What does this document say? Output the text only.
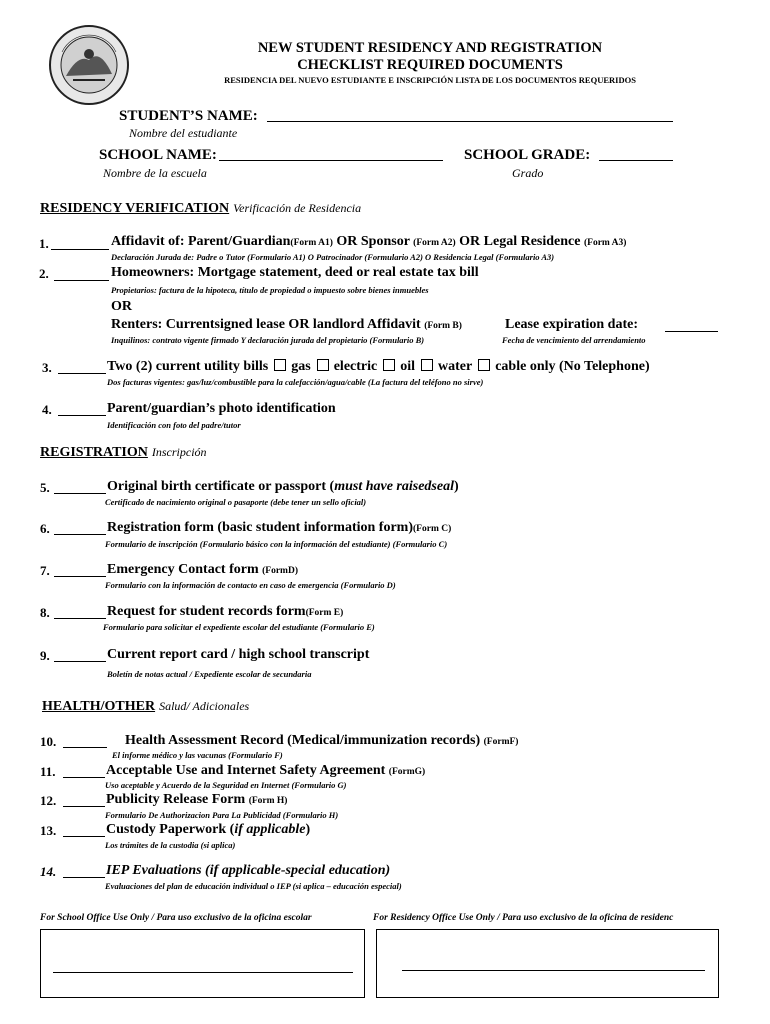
NEW STUDENT RESIDENCY AND REGISTRATION
CHECKLIST REQUIRED DOCUMENTS
RESIDENCIA DEL NUEVO ESTUDIANTE E INSCRIPCIÓN LISTA DE LOS DOCUMENTOS REQUERIDOS
STUDENT’S NAME:
Nombre del estudiante
SCHOOL NAME:
Nombre de la escuela
SCHOOL GRADE:
Grado
RESIDENCY VERIFICATION Verificación de Residencia
1.	Affidavit of: Parent/Guardian(Form A1) OR Sponsor (Form A2) OR Legal Residence (Form A3)
Declaración Jurada de: Padre o Tutor (Formulario A1) O Patrocinador (Formulario A2) O Residencia Legal (Formulario A3)
2.	Homeowners: Mortgage statement, deed or real estate tax bill
Propietarios: factura de la hipoteca, título de propiedad o impuesto sobre bienes inmuebles
OR
Renters: Currentsigned lease OR landlord Affidavit (Form B)	Lease expiration date:
Inquilinos: contrato vigente firmado Y declaración jurada del propietario (Formulario B)	Fecha de vencimiento del arrendamiento
3.	Two (2) current utility bills gas electric oil water cable only (No Telephone)
Dos facturas vigentes: gas/luz/combustible para la calefacción/agua/cable (La factura del teléfono no sirve)
4.	Parent/guardian’s photo identification
Identificación con foto del padre/tutor
REGISTRATION Inscripción
5.	Original birth certificate or passport (must have raisedseal)
Certificado de nacimiento original o pasaporte (debe tener un sello oficial)
6.	Registration form (basic student information form)(Form C)
Formulario de inscripción (Formulario básico con la información del estudiante) (Formulario C)
7.	Emergency Contact form (FormD)
Formulario con la información de contacto en caso de emergencia (Formulario D)
8.	Request for student records form(Form E)
Formulario para solicitar el expediente escolar del estudiante (Formulario E)
9.	Current report card / high school transcript
Boletín de notas actual / Expediente escolar de secundaria
HEALTH/OTHER Salud/ Adicionales
10.	Health Assessment Record (Medical/immunization records) (FormF)
El informe médico y las vacunas (Formulario F)
11.	Acceptable Use and Internet Safety Agreement (FormG)
Uso aceptable y Acuerdo de la Seguridad en Internet (Formulario G)
12.	Publicity Release Form (Form H)
Formulario De Authorizacion Para La Publicidad (Formulario H)
13.	Custody Paperwork (if applicable)
Los trámites de la custodia (si aplica)
14.	IEP Evaluations (if applicable-special education)
Evaluaciones del plan de educación individual o IEP (si aplica – educación especial)
For School Office Use Only / Para uso exclusivo de la oficina escolar	For Residency Office Use Only / Para uso exclusivo de la oficina de residenc
